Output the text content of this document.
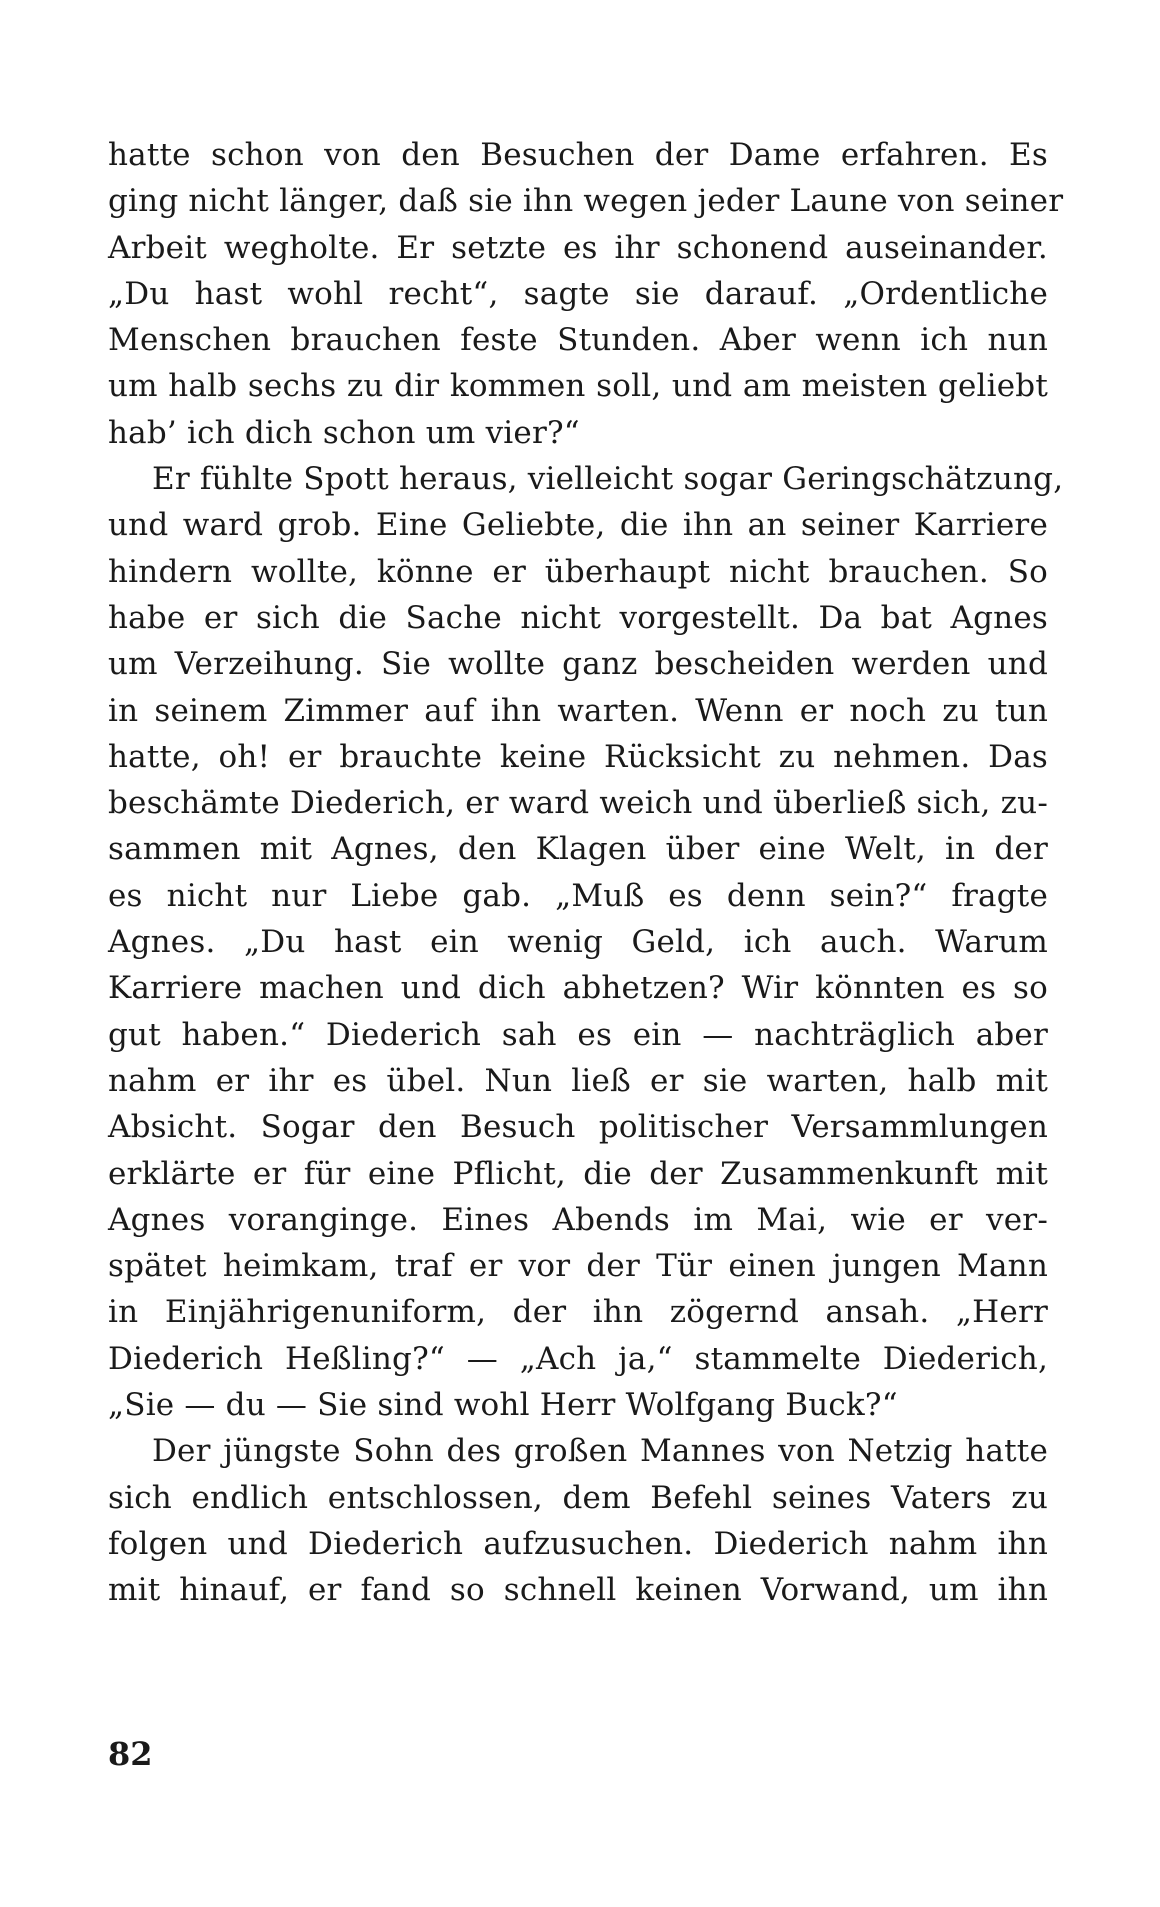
hatte schon von den Besuchen der Dame erfahren. Es
ging nicht länger, daß sie ihn wegen jeder Laune von seiner
Arbeit wegholte. Er setzte es ihr schonend auseinander.
„Du hast wohl recht“, sagte sie darauf. „Ordentliche
Menschen brauchen feste Stunden. Aber wenn ich nun
um halb sechs zu dir kommen soll, und am meisten geliebt
hab’ ich dich schon um vier?“
Er fühlte Spott heraus, vielleicht sogar Geringschätzung,
und ward grob. Eine Geliebte, die ihn an seiner Karriere
hindern wollte, könne er überhaupt nicht brauchen. So
habe er sich die Sache nicht vorgestellt. Da bat Agnes
um Verzeihung. Sie wollte ganz bescheiden werden und
in seinem Zimmer auf ihn warten. Wenn er noch zu tun
hatte, oh! er brauchte keine Rücksicht zu nehmen. Das
beschämte Diederich, er ward weich und überließ sich, zu-
sammen mit Agnes, den Klagen über eine Welt, in der
es nicht nur Liebe gab. „Muß es denn sein?“ fragte
Agnes. „Du hast ein wenig Geld, ich auch. Warum
Karriere machen und dich abhetzen? Wir könnten es so
gut haben.“ Diederich sah es ein — nachträglich aber
nahm er ihr es übel. Nun ließ er sie warten, halb mit
Absicht. Sogar den Besuch politischer Versammlungen
erklärte er für eine Pflicht, die der Zusammenkunft mit
Agnes voranginge. Eines Abends im Mai, wie er ver-
spätet heimkam, traf er vor der Tür einen jungen Mann
in Einjährigenuniform, der ihn zögernd ansah. „Herr
Diederich Heßling?“ — „Ach ja,“ stammelte Diederich,
„Sie — du — Sie sind wohl Herr Wolfgang Buck?“
Der jüngste Sohn des großen Mannes von Netzig hatte
sich endlich entschlossen, dem Befehl seines Vaters zu
folgen und Diederich aufzusuchen. Diederich nahm ihn
mit hinauf, er fand so schnell keinen Vorwand, um ihn
82
